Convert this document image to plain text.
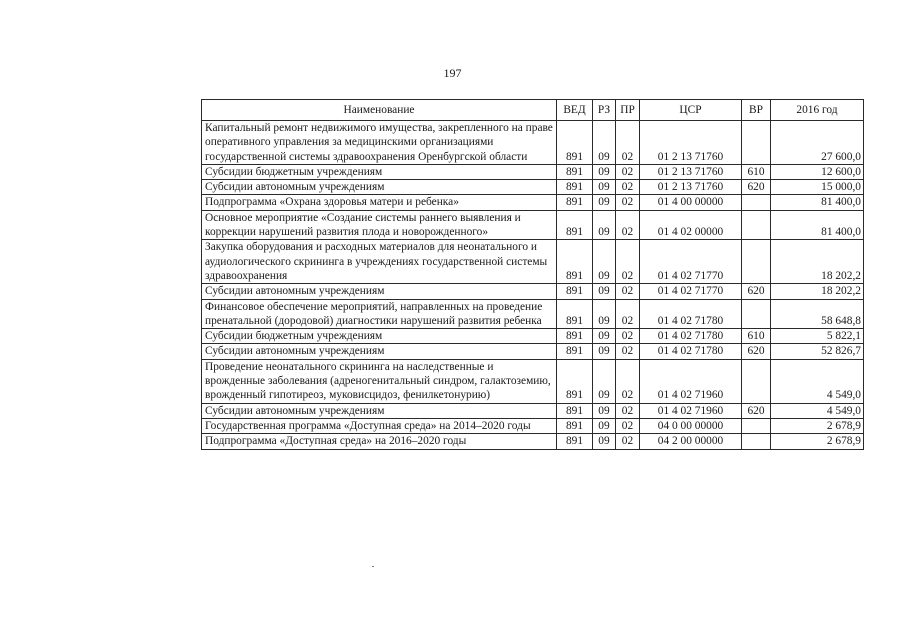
197
Наименование	ВЕД	РЗ	ПР	ЦСР	ВР	2016 год
Капитальный ремонт недвижимого имущества, закрепленного на праве оперативного управления за медицинскими организациями государственной системы здравоохранения Оренбургской области	891	09	02	01 2 13 71760		27 600,0
Субсидии бюджетным учреждениям	891	09	02	01 2 13 71760	610	12 600,0
Субсидии автономным учреждениям	891	09	02	01 2 13 71760	620	15 000,0
Подпрограмма «Охрана здоровья матери и ребенка»	891	09	02	01 4 00 00000		81 400,0
Основное мероприятие «Создание системы раннего выявления и коррекции нарушений развития плода и новорожденного»	891	09	02	01 4 02 00000		81 400,0
Закупка оборудования и расходных материалов для неонатального и аудиологического скрининга в учреждениях государственной системы здравоохранения	891	09	02	01 4 02 71770		18 202,2
Субсидии автономным учреждениям	891	09	02	01 4 02 71770	620	18 202,2
Финансовое обеспечение мероприятий, направленных на проведение пренатальной (дородовой) диагностики нарушений развития ребенка	891	09	02	01 4 02 71780		58 648,8
Субсидии бюджетным учреждениям	891	09	02	01 4 02 71780	610	5 822,1
Субсидии автономным учреждениям	891	09	02	01 4 02 71780	620	52 826,7
Проведение неонатального скрининга на наследственные и врожденные заболевания (адреногенитальный синдром, галактоземию, врожденный гипотиреоз, муковисцидоз, фенилкетонурию)	891	09	02	01 4 02 71960		4 549,0
Субсидии автономным учреждениям	891	09	02	01 4 02 71960	620	4 549,0
Государственная программа «Доступная среда» на 2014–2020 годы	891	09	02	04 0 00 00000		2 678,9
Подпрограмма «Доступная среда» на 2016–2020 годы	891	09	02	04 2 00 00000		2 678,9
